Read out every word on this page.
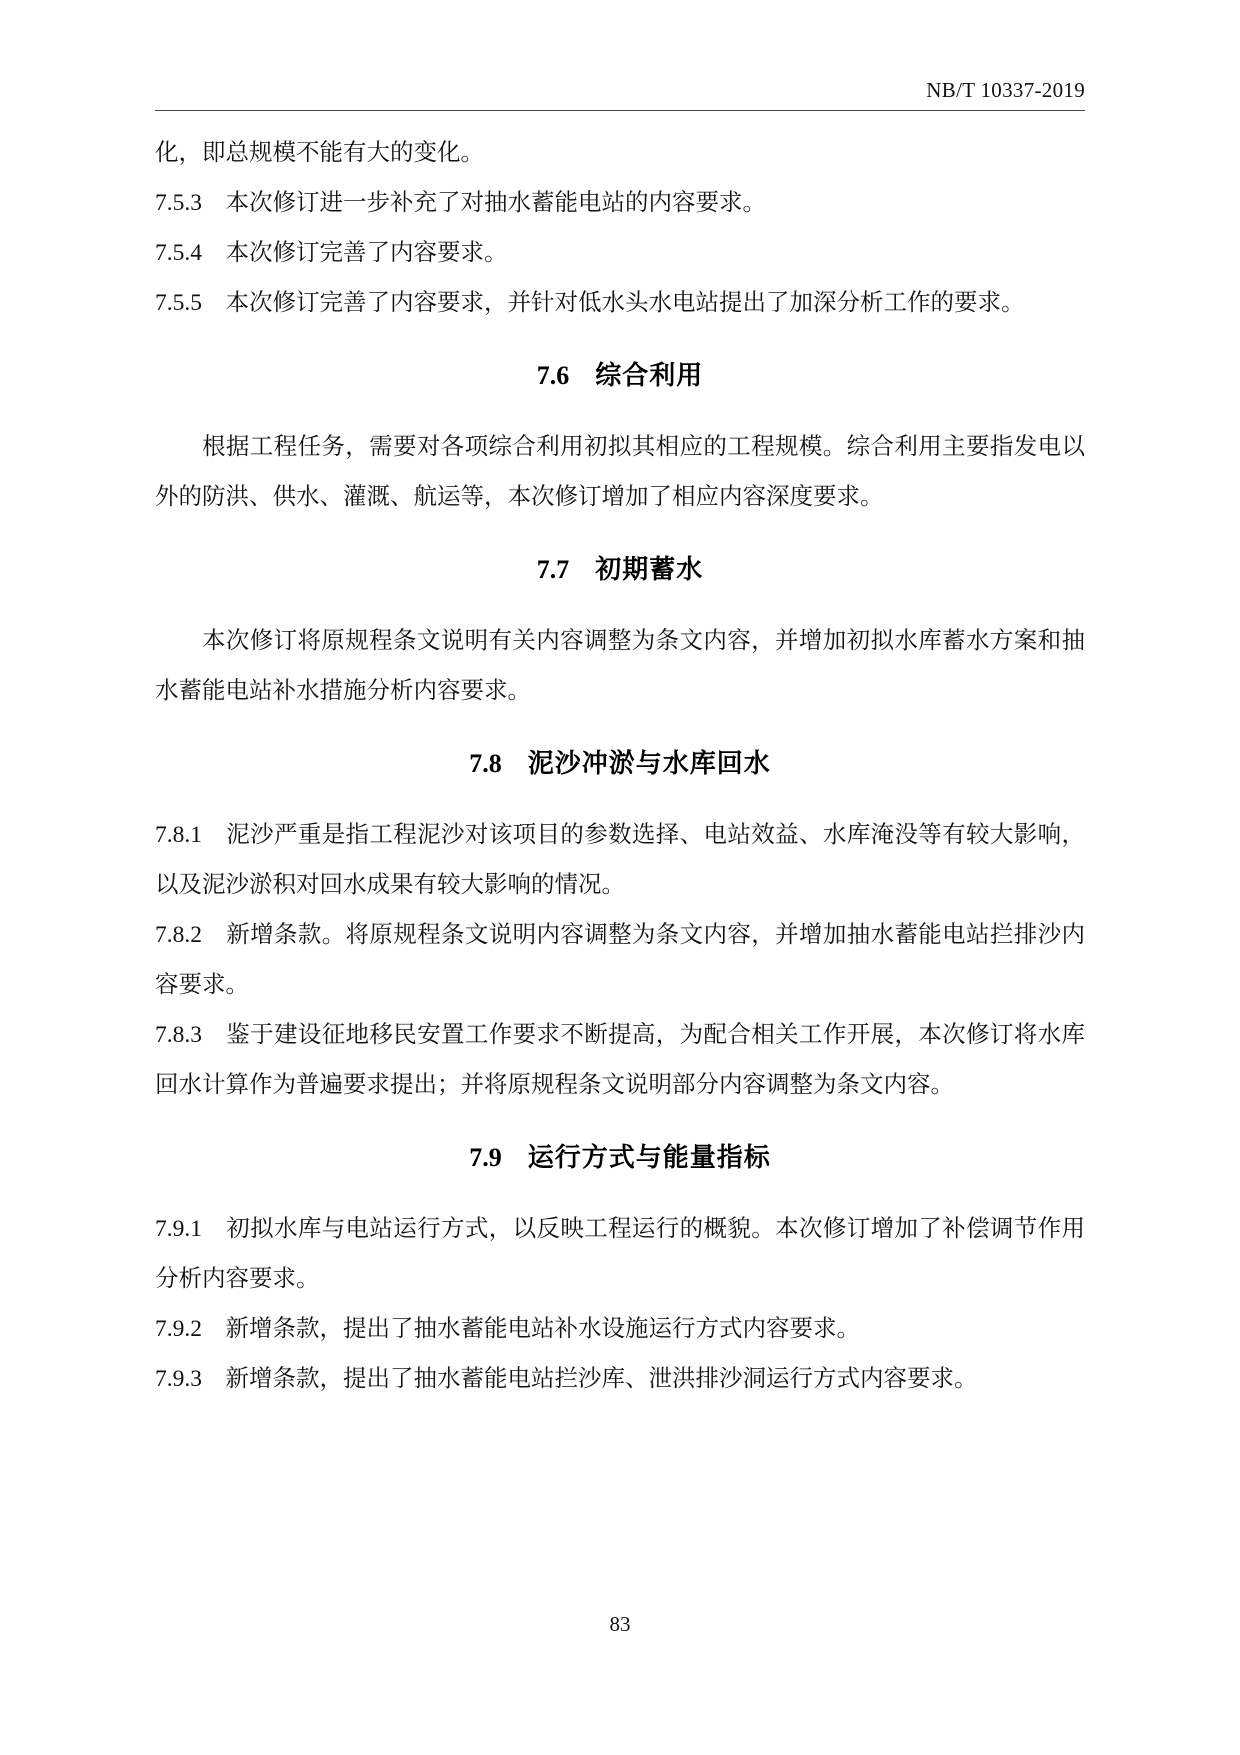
NB/T 10337-2019

化，即总规模不能有大的变化。

7.5.3　本次修订进一步补充了对抽水蓄能电站的内容要求。

7.5.4　本次修订完善了内容要求。

7.5.5　本次修订完善了内容要求，并针对低水头水电站提出了加深分析工作的要求。

7.6 综合利用

根据工程任务，需要对各项综合利用初拟其相应的工程规模。综合利用主要指发电以外的防洪、供水、灌溉、航运等，本次修订增加了相应内容深度要求。

7.7 初期蓄水

本次修订将原规程条文说明有关内容调整为条文内容，并增加初拟水库蓄水方案和抽水蓄能电站补水措施分析内容要求。

7.8 泥沙冲淤与水库回水

7.8.1　泥沙严重是指工程泥沙对该项目的参数选择、电站效益、水库淹没等有较大影响，以及泥沙淤积对回水成果有较大影响的情况。

7.8.2　新增条款。将原规程条文说明内容调整为条文内容，并增加抽水蓄能电站拦排沙内容要求。

7.8.3　鉴于建设征地移民安置工作要求不断提高，为配合相关工作开展，本次修订将水库回水计算作为普遍要求提出；并将原规程条文说明部分内容调整为条文内容。

7.9 运行方式与能量指标

7.9.1　初拟水库与电站运行方式，以反映工程运行的概貌。本次修订增加了补偿调节作用分析内容要求。

7.9.2　新增条款，提出了抽水蓄能电站补水设施运行方式内容要求。

7.9.3　新增条款，提出了抽水蓄能电站拦沙库、泄洪排沙洞运行方式内容要求。

83
